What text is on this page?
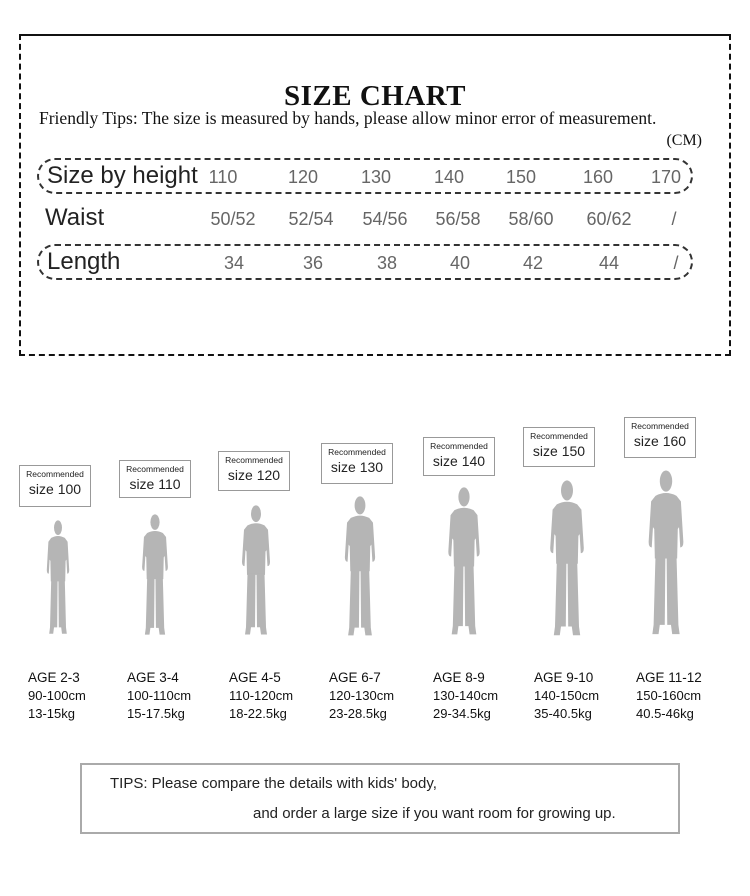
SIZE CHART
Friendly Tips: The size is measured by hands, please allow minor error of measurement.
(CM)
Size by height 110	120	130	140	150	160	170
Waist	50/52	52/54	54/56	56/58	58/60	60/62	/
Length	34	36	38	40	42	44	/
Recommended
size 100
Recommended
size 110
Recommended
size 120
Recommended
size 130
Recommended
size 140
Recommended
size 150
Recommended
size 160
AGE 2-3
90-100cm
13-15kg
AGE 3-4
100-110cm
15-17.5kg
AGE 4-5
110-120cm
18-22.5kg
AGE 6-7
120-130cm
23-28.5kg
AGE 8-9
130-140cm
29-34.5kg
AGE 9-10
140-150cm
35-40.5kg
AGE 11-12
150-160cm
40.5-46kg
TIPS: Please compare the details with kids' body,
and order a large size if you want room for growing up.
